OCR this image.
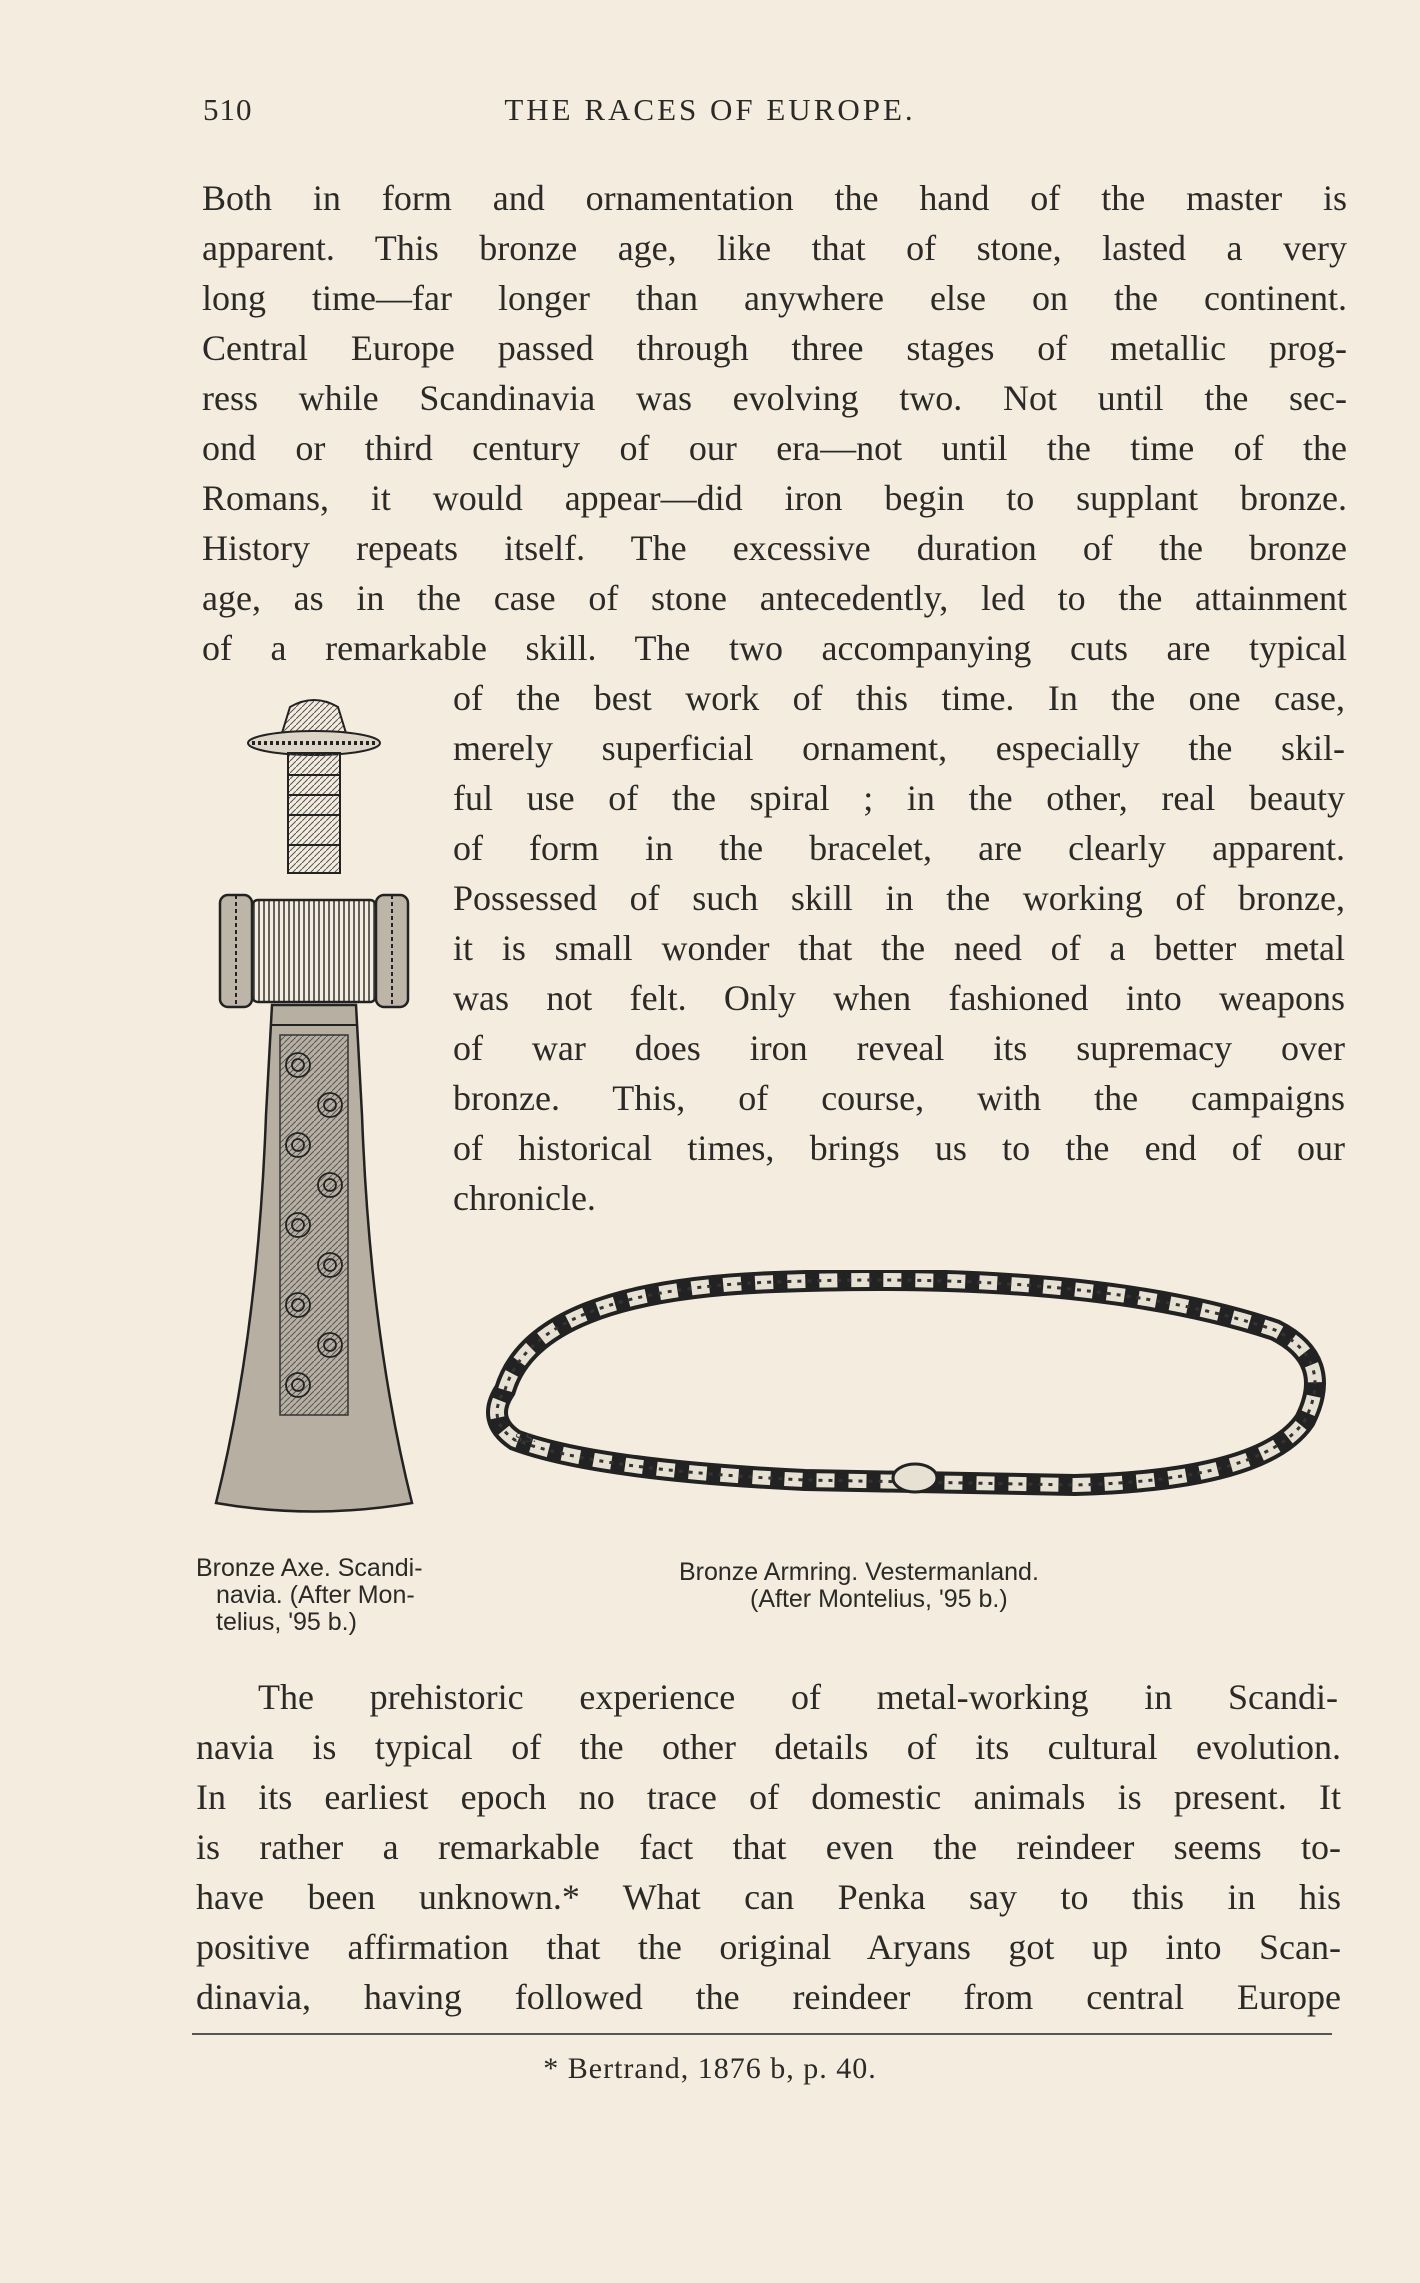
510	THE RACES OF EUROPE.
Both in form and ornamentation the hand of the master is
apparent. This bronze age, like that of stone, lasted a very
long time—far longer than anywhere else on the continent.
Central Europe passed through three stages of metallic prog-
ress while Scandinavia was evolving two. Not until the sec-
ond or third century of our era—not until the time of the
Romans, it would appear—did iron begin to supplant bronze.
History repeats itself. The excessive duration of the bronze
age, as in the case of stone antecedently, led to the attainment
of a remarkable skill. The two accompanying cuts are typical
of the best work of this time. In the one case,
merely superficial ornament, especially the skil-
ful use of the spiral ; in the other, real beauty
of form in the bracelet, are clearly apparent.
Possessed of such skill in the working of bronze,
it is small wonder that the need of a better metal
was not felt. Only when fashioned into weapons
of war does iron reveal its supremacy over
bronze. This, of course, with the campaigns
of historical times, brings us to the end of our
chronicle.
S.S.
Bronze Axe. Scandi-
navia. (After Mon-
telius, '95 b.)
Bronze Armring. Vestermanland.
(After Montelius, '95 b.)
The prehistoric experience of metal-working in Scandi-
navia is typical of the other details of its cultural evolution.
In its earliest epoch no trace of domestic animals is present. It
is rather a remarkable fact that even the reindeer seems to-
have been unknown.* What can Penka say to this in his
positive affirmation that the original Aryans got up into Scan-
dinavia, having followed the reindeer from central Europe
* Bertrand, 1876 b, p. 40.
